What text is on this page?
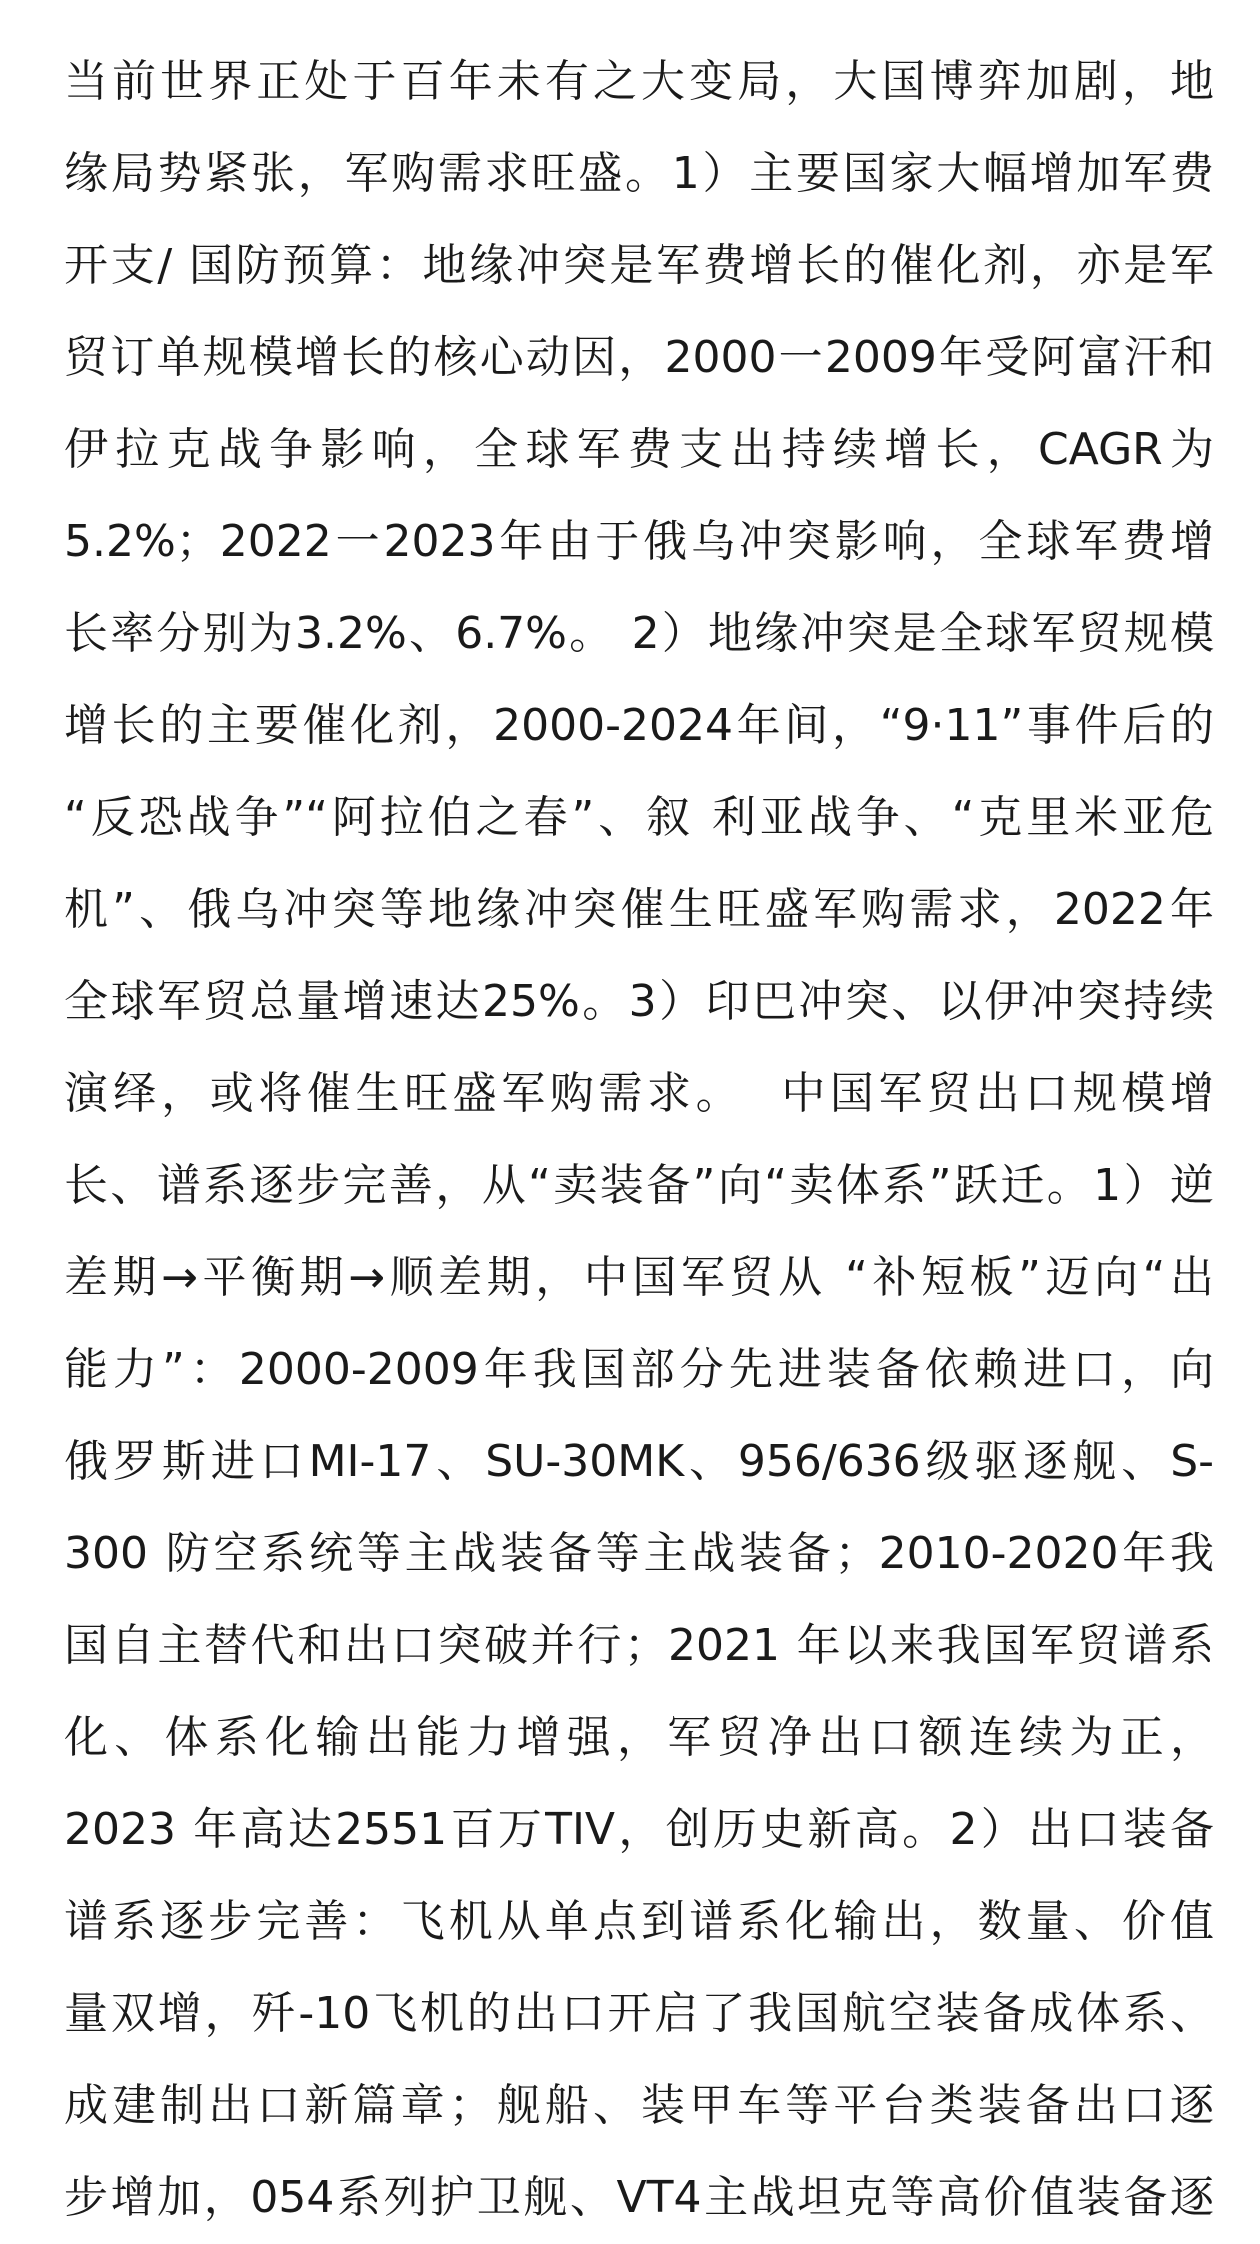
当前世界正处于百年未有之大变局，大国博弈加剧，地
缘局势紧张，军购需求旺盛。1）主要国家大幅增加军费
开支/ 国防预算：地缘冲突是军费增长的催化剂，亦是军
贸订单规模增长的核心动因，2000一2009年受阿富汗和
伊拉克战争影响，全球军费支出持续增长，CAGR为
5.2%；2022一2023年由于俄乌冲突影响，全球军费增
长率分别为3.2%、6.7%。 2）地缘冲突是全球军贸规模
增长的主要催化剂，2000-2024年间，“9·11”事件后的
“反恐战争”“阿拉伯之春”、叙 利亚战争、“克里米亚危
机”、俄乌冲突等地缘冲突催生旺盛军购需求，2022年
全球军贸总量增速达25%。3）印巴冲突、以伊冲突持续
演绎，或将催生旺盛军购需求。  中国军贸出口规模增
长、谱系逐步完善，从“卖装备”向“卖体系”跃迁。1）逆
差期→平衡期→顺差期，中国军贸从 “补短板”迈向“出
能力”：2000-2009年我国部分先进装备依赖进口，向
俄罗斯进口MI-17、SU-30MK、956/636级驱逐舰、S-
300 防空系统等主战装备等主战装备；2010-2020年我
国自主替代和出口突破并行；2021 年以来我国军贸谱系
化、体系化输出能力增强，军贸净出口额连续为正，
2023 年高达2551百万TIV，创历史新高。2）出口装备
谱系逐步完善：飞机从单点到谱系化输出，数量、价值
量双增，歼-10飞机的出口开启了我国航空装备成体系、
成建制出口新篇章；舰船、装甲车等平台类装备出口逐
步增加，054系列护卫舰、VT4主战坦克等高价值装备逐
